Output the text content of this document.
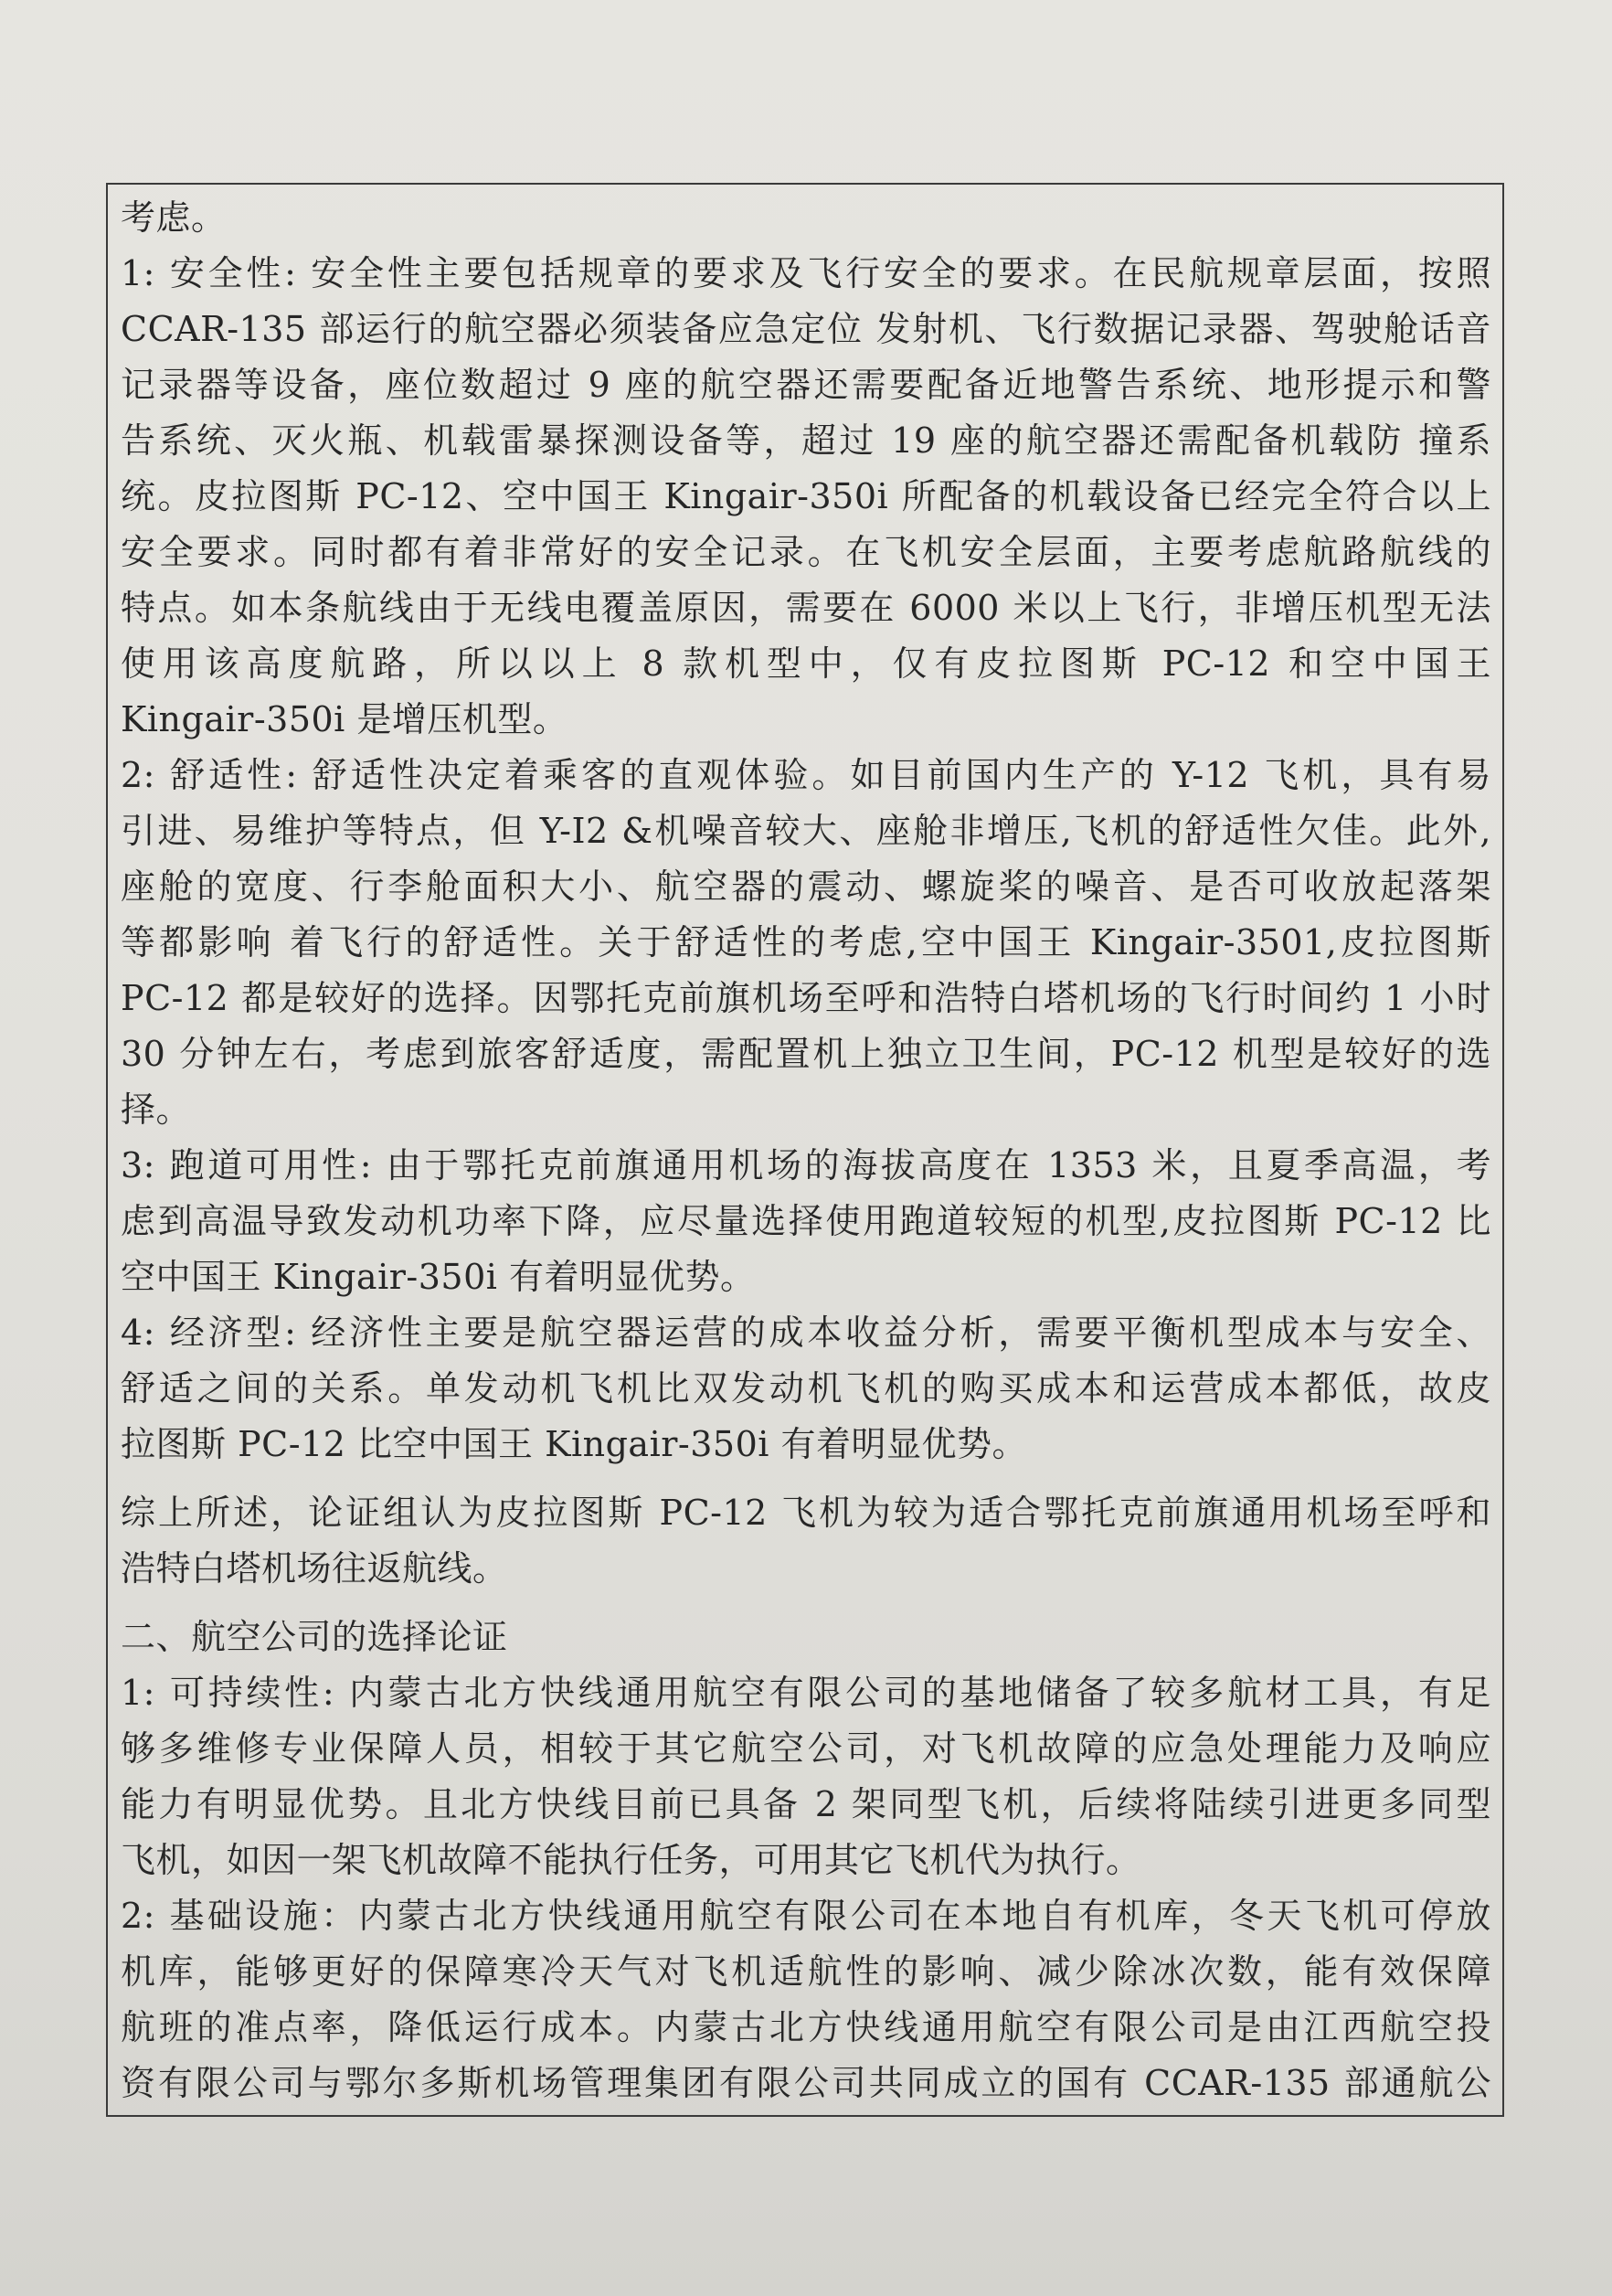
考虑。
1: 安全性: 安全性主要包括规章的要求及飞行安全的要求。在民航规章层面，按照
CCAR-135 部运行的航空器必须装备应急定位 发射机、飞行数据记录器、驾驶舱话音
记录器等设备，座位数超过 9 座的航空器还需要配备近地警告系统、地形提示和警
告系统、灭火瓶、机载雷暴探测设备等，超过 19 座的航空器还需配备机载防 撞系
统。皮拉图斯 PC-12、空中国王 Kingair-350i 所配备的机载设备已经完全符合以上
安全要求。同时都有着非常好的安全记录。在飞机安全层面，主要考虑航路航线的
特点。如本条航线由于无线电覆盖原因，需要在 6000 米以上飞行，非增压机型无法
使用该高度航路，所以以上 8 款机型中，仅有皮拉图斯 PC-12 和空中国王
Kingair-350i 是增压机型。
2: 舒适性: 舒适性决定着乘客的直观体验。如目前国内生产的 Y-12 飞机，具有易
引进、易维护等特点，但 Y-I2 &机噪音较大、座舱非增压,飞机的舒适性欠佳。此外,
座舱的宽度、行李舱面积大小、航空器的震动、螺旋桨的噪音、是否可收放起落架
等都影响 着飞行的舒适性。关于舒适性的考虑,空中国王 Kingair-3501,皮拉图斯
PC-12 都是较好的选择。因鄂托克前旗机场至呼和浩特白塔机场的飞行时间约 1 小时
30 分钟左右，考虑到旅客舒适度，需配置机上独立卫生间，PC-12 机型是较好的选
择。
3: 跑道可用性: 由于鄂托克前旗通用机场的海拔高度在 1353 米，且夏季高温，考
虑到高温导致发动机功率下降，应尽量选择使用跑道较短的机型,皮拉图斯 PC-12 比
空中国王 Kingair-350i 有着明显优势。
4: 经济型: 经济性主要是航空器运营的成本收益分析，需要平衡机型成本与安全、
舒适之间的关系。单发动机飞机比双发动机飞机的购买成本和运营成本都低，故皮
拉图斯 PC-12 比空中国王 Kingair-350i 有着明显优势。
综上所述，论证组认为皮拉图斯 PC-12 飞机为较为适合鄂托克前旗通用机场至呼和
浩特白塔机场往返航线。
二、航空公司的选择论证
1: 可持续性: 内蒙古北方快线通用航空有限公司的基地储备了较多航材工具，有足
够多维修专业保障人员，相较于其它航空公司，对飞机故障的应急处理能力及响应
能力有明显优势。且北方快线目前已具备 2 架同型飞机，后续将陆续引进更多同型
飞机，如因一架飞机故障不能执行任务，可用其它飞机代为执行。
2: 基础设施：内蒙古北方快线通用航空有限公司在本地自有机库，冬天飞机可停放
机库，能够更好的保障寒冷天气对飞机适航性的影响、减少除冰次数，能有效保障
航班的准点率，降低运行成本。内蒙古北方快线通用航空有限公司是由江西航空投
资有限公司与鄂尔多斯机场管理集团有限公司共同成立的国有 CCAR-135 部通航公
